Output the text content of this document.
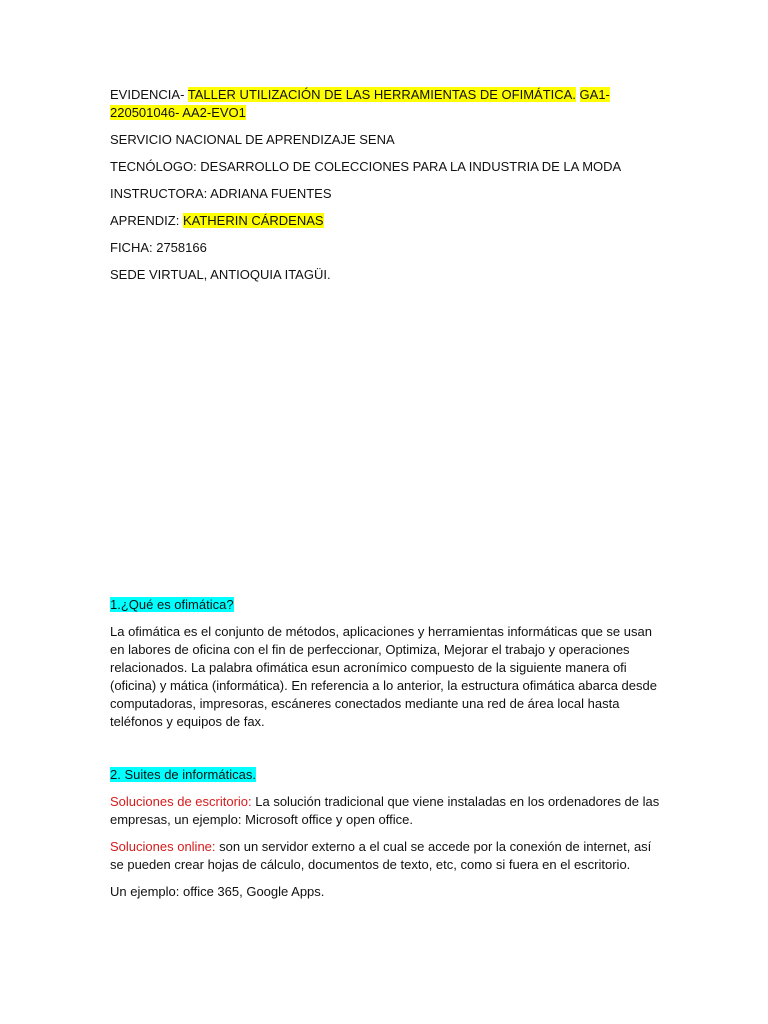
EVIDENCIA- TALLER UTILIZACIÓN DE LAS HERRAMIENTAS DE OFIMÁTICA. GA1-220501046- AA2-EVO1

SERVICIO NACIONAL DE APRENDIZAJE SENA

TECNÓLOGO: DESARROLLO DE COLECCIONES PARA LA INDUSTRIA DE LA MODA

INSTRUCTORA: ADRIANA FUENTES

APRENDIZ: KATHERIN CÁRDENAS

FICHA: 2758166

SEDE VIRTUAL, ANTIOQUIA ITAGÜI.

1.¿Qué es ofimática?

La ofimática es el conjunto de métodos, aplicaciones y herramientas informáticas que se usan en labores de oficina con el fin de perfeccionar, Optimiza, Mejorar el trabajo y operaciones relacionados. La palabra ofimática esun acronímico compuesto de la siguiente manera ofi (oficina) y mática (informática). En referencia a lo anterior, la estructura ofimática abarca desde computadoras, impresoras, escáneres conectados mediante una red de área local hasta teléfonos y equipos de fax.

2. Suites de informáticas.

Soluciones de escritorio: La solución tradicional que viene instaladas en los ordenadores de las empresas, un ejemplo: Microsoft office y open office.

Soluciones online: son un servidor externo a el cual se accede por la conexión de internet, así se pueden crear hojas de cálculo, documentos de texto, etc, como si fuera en el escritorio.

Un ejemplo: office 365, Google Apps.
